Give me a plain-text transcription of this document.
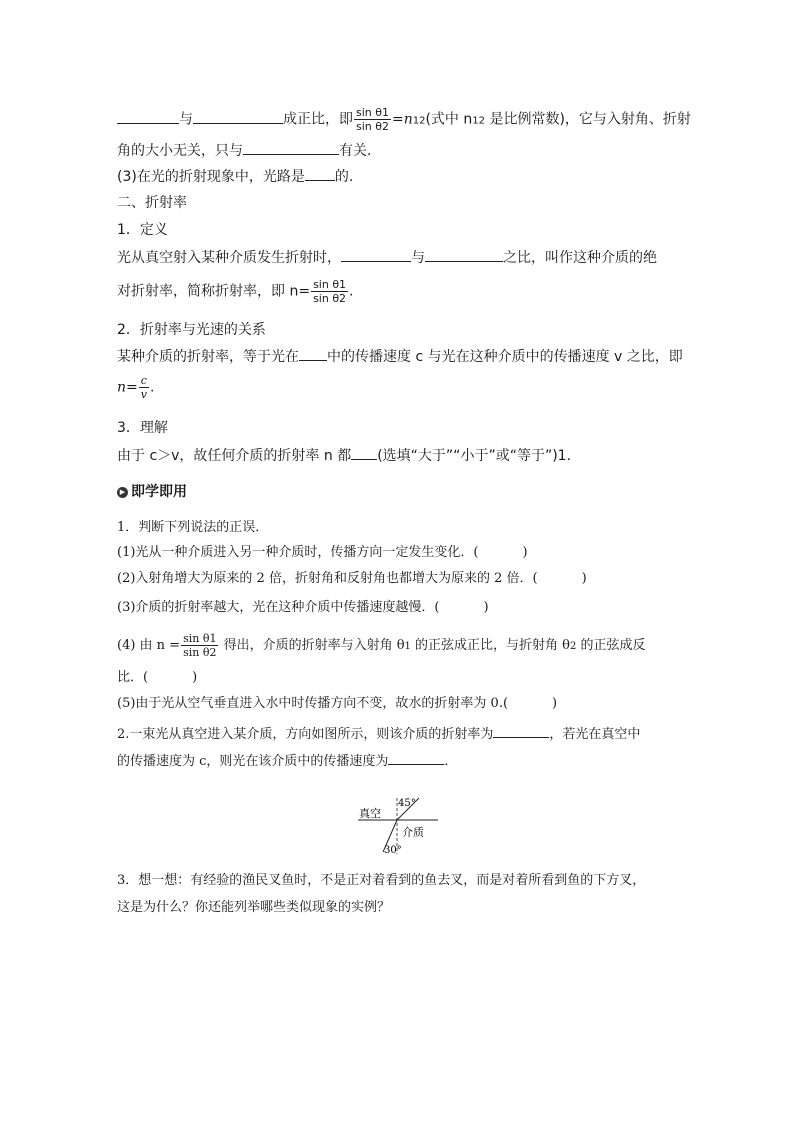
与	成正比，即 $\frac{\text{sin θ1}}{\text{sin θ2}} =n12$(式中 n12 是比例常数)，它与入射角、折射
角的大小无关，只与	有关.
(3)在光的折射现象中，光路是 的.
二、折射率
1．定义
光从真空射入某种介质发生折射时，	与	之比，叫作这种介质的绝
对折射率，简称折射率，即 $n= \frac{\text{sin θ1}}{\text{sin θ2}}$ .
2．折射率与光速的关系
某种介质的折射率，等于光在 中的传播速度 c 与光在这种介质中的传播速度 v 之比，即
$n= \frac{c}{v}$ .
3．理解
由于 c＞v，故任何介质的折射率 n 都 (选填“大于”“小于”或“等于”)1.
▶ 即学即用
1．判断下列说法的正误．
(1)光从一种介质进入另一种介质时，传播方向一定发生变化．(	)
(2)入射角增大为原来的 2 倍，折射角和反射角也都增大为原来的 2 倍．(	)
(3)介质的折射率越大，光在这种介质中传播速度越慢．(	)
(4) 由 $n = \frac{\text{sin θ1}}{\text{sin θ2}}$ 得出，介质的折射率与入射角 θ1 的正弦成正比，与折射角 θ2 的正弦成反
比．(	)
(5)由于光从空气垂直进入水中时传播方向不变，故水的折射率为 0.(	)
2.一束光从真空进入某介质，方向如图所示，则该介质的折射率为	，若光在真空中
的传播速度为 c，则光在该介质中的传播速度为	．
真空
介质
45°
30°
3．想一想：有经验的渔民叉鱼时，不是正对着看到的鱼去叉，而是对着所看到鱼的下方叉，
这是为什么？你还能列举哪些类似现象的实例？
